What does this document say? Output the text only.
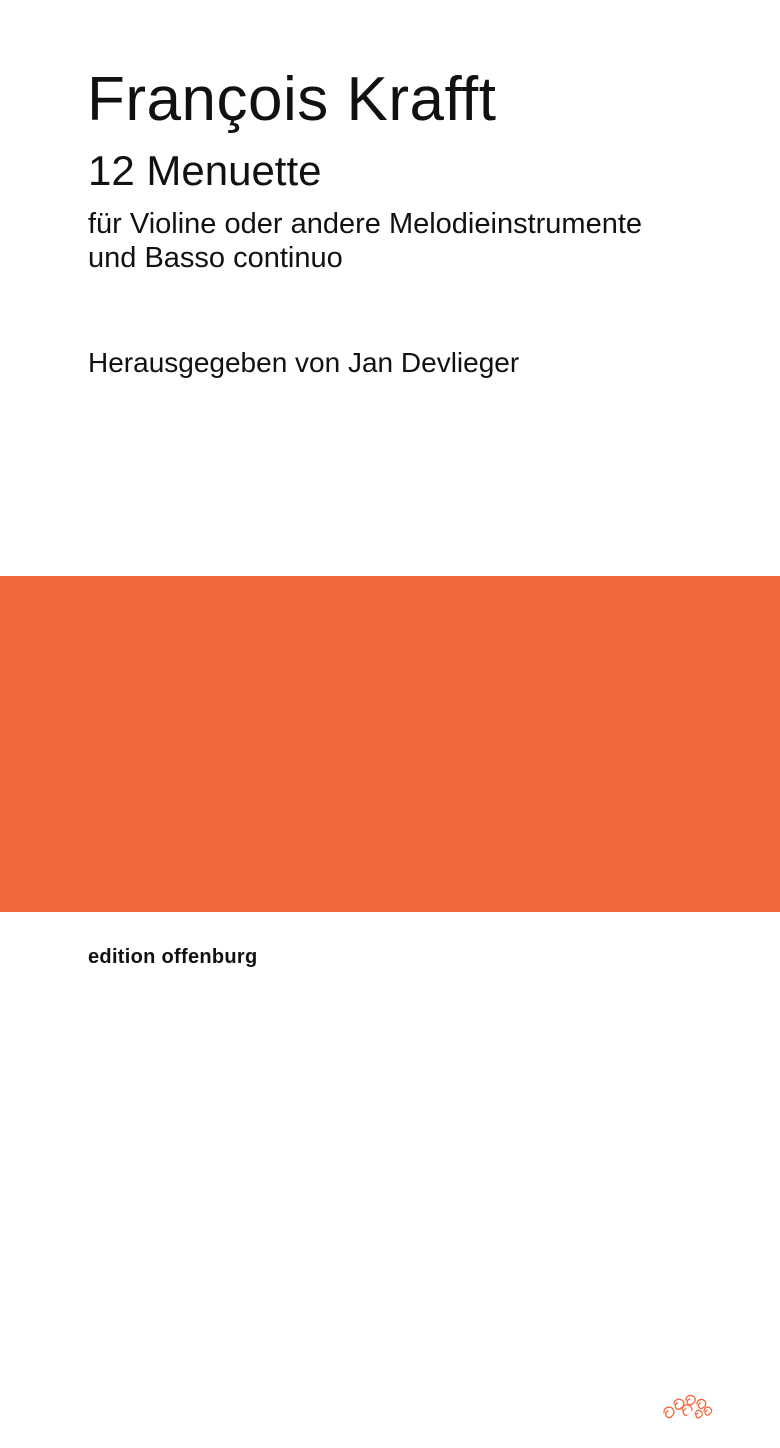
François Krafft
12 Menuette

für Violine oder andere Melodieinstrumente
und Basso continuo

Herausgegeben von Jan Devlieger

e o

edition offenburg
